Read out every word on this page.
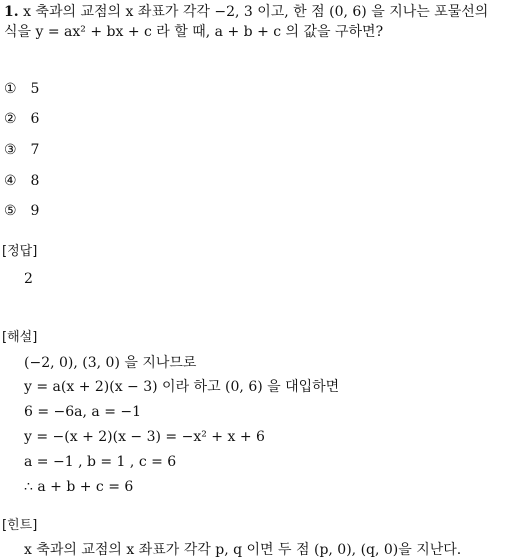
1. x 축과의 교점의 x 좌표가 각각 −2, 3 이고, 한 점 (0, 6) 을 지나는 포물선의
식을 y = ax² + bx + c 라 할 때, a + b + c 의 값을 구하면?
① 5
② 6
③ 7
④ 8
⑤ 9
[정답]
2
[해설]
(−2, 0), (3, 0) 을 지나므로
y = a(x + 2)(x − 3) 이라 하고 (0, 6) 을 대입하면
6 = −6a, a = −1
y = −(x + 2)(x − 3) = −x² + x + 6
a = −1 , b = 1 , c = 6
∴ a + b + c = 6
[힌트]
x 축과의 교점의 x 좌표가 각각 p, q 이면 두 점 (p, 0), (q, 0)을 지난다.
